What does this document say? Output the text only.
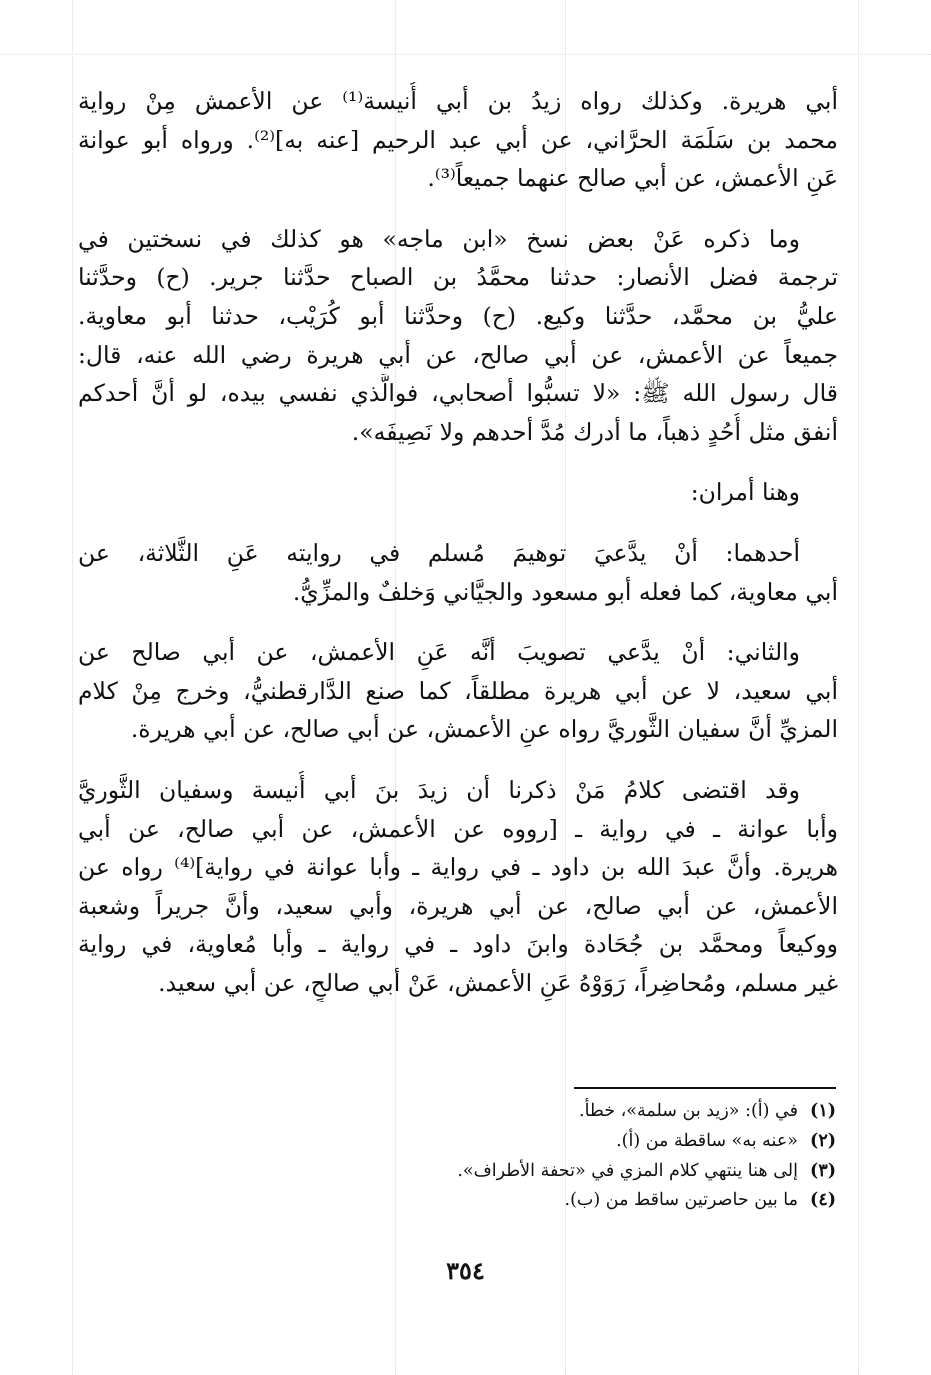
أبي هريرة. وكذلك رواه زيدُ بن أبي أُنيسة⁽¹⁾ عن الأعمش مِنْ رواية
محمد بن سَلَمَة الحرَّاني، عن أبي عبد الرحيم [عنه به]⁽²⁾. ورواه أبو عوانة
عَنِ الأعمش، عن أبي صالح عنهما جميعاً⁽³⁾.

وما ذكره عَنْ بعض نسخ «ابن ماجه» هو كذلك في نسختين في
ترجمة فضل الأنصار: حدثنا محمَّدُ بن الصباح حدَّثنا جرير. (ح) وحدَّثنا
عليُّ بن محمَّد، حدَّثنا وكيع. (ح) وحدَّثنا أبو كُرَيْب، حدثنا أبو معاوية.
جميعاً عن الأعمش، عن أبي صالح، عن أبي هريرة رضي الله عنه، قال:
قال رسول الله ﷺ: «لا تسبُّوا أصحابي، فوالَّذي نفسي بيده، لو أنَّ أحدكم
أنفق مثل أُحُدٍ ذهباً، ما أدرك مُدَّ أحدهم ولا نَصِيفَه».

وهنا أمران:

أحدهما: أنْ يدَّعيَ توهيمَ مُسلم في روايته عَنِ الثَّلاثة، عن
أبي معاوية، كما فعله أبو مسعود والجيَّاني وَخلفٌ والمزِّيُّ.

والثاني: أنْ يدَّعي تصويبَ أنَّه عَنِ الأعمش، عن أبي صالح عن
أبي سعيد، لا عن أبي هريرة مطلقاً، كما صنع الدَّارقطنيُّ، وخرج مِنْ كلام
المزيِّ أنَّ سفيان الثَّوريَّ رواه عنِ الأعمش، عن أبي صالح، عن أبي هريرة.

وقد اقتضى كلامُ مَنْ ذكرنا أن زيدَ بنَ أبي أُنيسة وسفيان الثَّوريَّ
وأبا عوانة ـ في رواية ـ [رووه عن الأعمش، عن أبي صالح، عن أبي
هريرة. وأنَّ عبدَ الله بن داود ـ في رواية ـ وأبا عوانة في رواية]⁽⁴⁾ رواه عن
الأعمش، عن أبي صالح، عن أبي هريرة، وأبي سعيد، وأنَّ جريراً وشعبة
ووكيعاً ومحمَّد بن جُحَادة وابنَ داود ـ في رواية ـ وأبا مُعاوية، في رواية
غير مسلم، ومُحاضِراً، رَوَوْهُ عَنِ الأعمش، عَنْ أبي صالحٍ، عن أبي سعيد.

(١)
في (أ): «زيد بن سلمة»، خطأ.
(٢)
«عنه به» ساقطة من (أ).
(٣)
إلى هنا ينتهي كلام المزي في «تحفة الأطراف».
(٤)
ما بين حاصرتين ساقط من (ب).
٣٥٤
